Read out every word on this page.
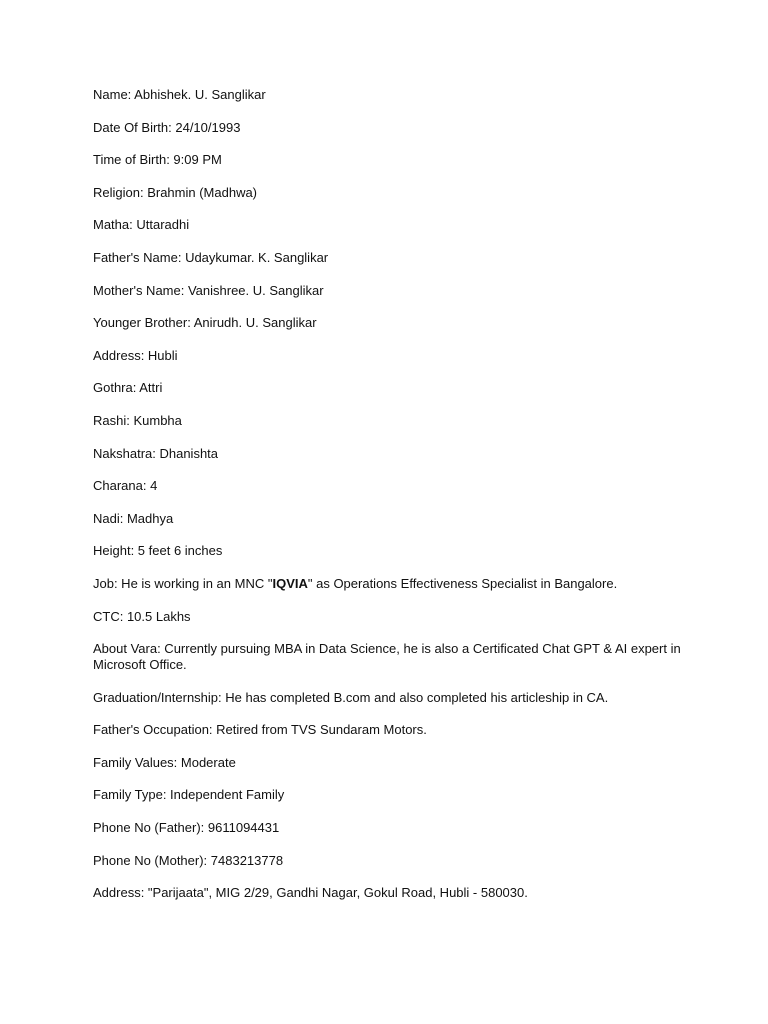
Name: Abhishek. U. Sanglikar
Date Of Birth: 24/10/1993
Time of Birth: 9:09 PM
Religion: Brahmin (Madhwa)
Matha: Uttaradhi
Father's Name: Udaykumar. K. Sanglikar
Mother's Name: Vanishree. U. Sanglikar
Younger Brother: Anirudh. U. Sanglikar
Address: Hubli
Gothra: Attri
Rashi: Kumbha
Nakshatra: Dhanishta
Charana: 4
Nadi: Madhya
Height: 5 feet 6 inches
Job: He is working in an MNC "IQVIA" as Operations Effectiveness Specialist in Bangalore.
CTC: 10.5 Lakhs
About Vara: Currently pursuing MBA in Data Science, he is also a Certificated Chat GPT & AI expert in Microsoft Office.
Graduation/Internship: He has completed B.com and also completed his articleship in CA.
Father's Occupation: Retired from TVS Sundaram Motors.
Family Values: Moderate
Family Type: Independent Family
Phone No (Father): 9611094431
Phone No (Mother): 7483213778
Address: "Parijaata", MIG 2/29, Gandhi Nagar, Gokul Road, Hubli - 580030.
